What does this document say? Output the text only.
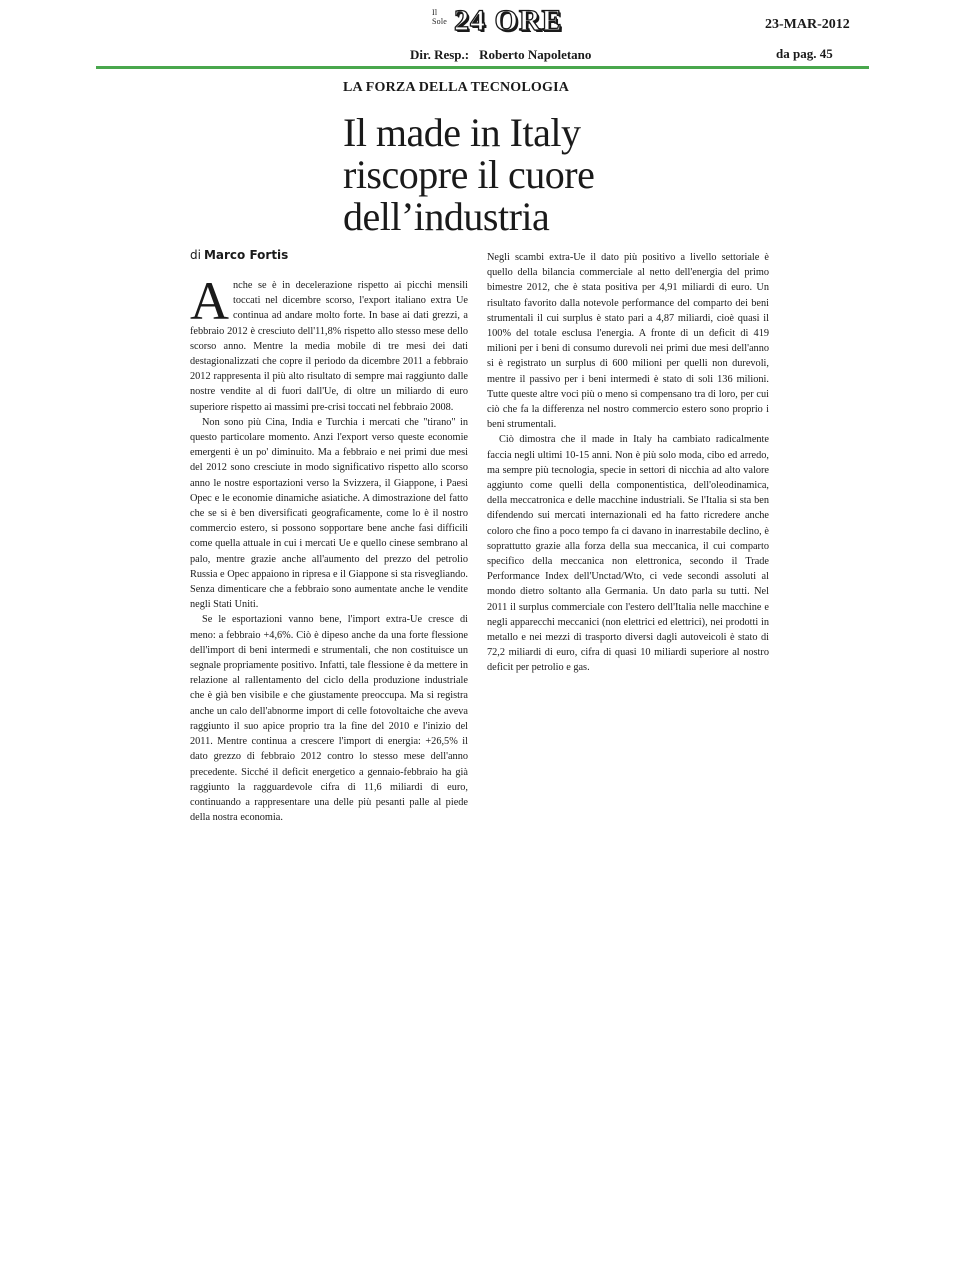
Il Sole 24 ORE	23-MAR-2012
Dir. Resp.: Roberto Napoletano	da pag. 45
LA FORZA DELLA TECNOLOGIA
Il made in Italy
riscopre il cuore
dell’industria
di Marco Fortis

Anche se è in decelerazione rispetto ai picchi mensili toccati nel dicembre scorso, l'export italiano extra Ue continua ad andare molto forte. In base ai dati grezzi, a febbraio 2012 è cresciuto dell'11,8% rispetto allo stesso mese dello scorso anno. Mentre la media mobile di tre mesi dei dati destagionalizzati che copre il periodo da dicembre 2011 a febbraio 2012 rappresenta il più alto risultato di sempre mai raggiunto dalle nostre vendite al di fuori dall'Ue, di oltre un miliardo di euro superiore rispetto ai massimi pre-crisi toccati nel febbraio 2008.

Non sono più Cina, India e Turchia i mercati che "tirano" in questo particolare momento. Anzi l'export verso queste economie emergenti è un po' diminuito. Ma a febbraio e nei primi due mesi del 2012 sono cresciute in modo significativo rispetto allo scorso anno le nostre esportazioni verso la Svizzera, il Giappone, i Paesi Opec e le economie dinamiche asiatiche. A dimostrazione del fatto che se si è ben diversificati geograficamente, come lo è il nostro commercio estero, si possono sopportare bene anche fasi difficili come quella attuale in cui i mercati Ue e quello cinese sembrano al palo, mentre grazie anche all'aumento del prezzo del petrolio Russia e Opec appaiono in ripresa e il Giappone si sta risvegliando. Senza dimenticare che a febbraio sono aumentate anche le vendite negli Stati Uniti.

Se le esportazioni vanno bene, l'import extra-Ue cresce di meno: a febbraio +4,6%. Ciò è dipeso anche da una forte flessione dell'import di beni intermedi e strumentali, che non costituisce un segnale propriamente positivo. Infatti, tale flessione è da mettere in relazione al rallentamento del ciclo della produzione industriale che è già ben visibile e che giustamente preoccupa. Ma si registra anche un calo dell'abnorme import di celle fotovoltaiche che aveva raggiunto il suo apice proprio tra la fine del 2010 e l'inizio del 2011. Mentre continua a crescere l'import di energia: +26,5% il dato grezzo di febbraio 2012 contro lo stesso mese dell'anno precedente. Sicché il deficit energetico a gennaio-febbraio ha già raggiunto la ragguardevole cifra di 11,6 miliardi di euro, continuando a rappresentare una delle più pesanti palle al piede della nostra economia.

Negli scambi extra-Ue il dato più positivo a livello settoriale è quello della bilancia commerciale al netto dell'energia del primo bimestre 2012, che è stata positiva per 4,91 miliardi di euro. Un risultato favorito dalla notevole performance del comparto dei beni strumentali il cui surplus è stato pari a 4,87 miliardi, cioè quasi il 100% del totale esclusa l'energia. A fronte di un deficit di 419 milioni per i beni di consumo durevoli nei primi due mesi dell'anno si è registrato un surplus di 600 milioni per quelli non durevoli, mentre il passivo per i beni intermedi è stato di soli 136 milioni. Tutte queste altre voci più o meno si compensano tra di loro, per cui ciò che fa la differenza nel nostro commercio estero sono proprio i beni strumentali.

Ciò dimostra che il made in Italy ha cambiato radicalmente faccia negli ultimi 10-15 anni. Non è più solo moda, cibo ed arredo, ma sempre più tecnologia, specie in settori di nicchia ad alto valore aggiunto come quelli della componentistica, dell'oleodinamica, della meccatronica e delle macchine industriali. Se l'Italia si sta ben difendendo sui mercati internazionali ed ha fatto ricredere anche coloro che fino a poco tempo fa ci davano in inarrestabile declino, è soprattutto grazie alla forza della sua meccanica, il cui comparto specifico della meccanica non elettronica, secondo il Trade Performance Index dell'Unctad/Wto, ci vede secondi assoluti al mondo dietro soltanto alla Germania. Un dato parla su tutti. Nel 2011 il surplus commerciale con l'estero dell'Italia nelle macchine e negli apparecchi meccanici (non elettrici ed elettrici), nei prodotti in metallo e nei mezzi di trasporto diversi dagli autoveicoli è stato di 72,2 miliardi di euro, cifra di quasi 10 miliardi superiore al nostro deficit per petrolio e gas.
